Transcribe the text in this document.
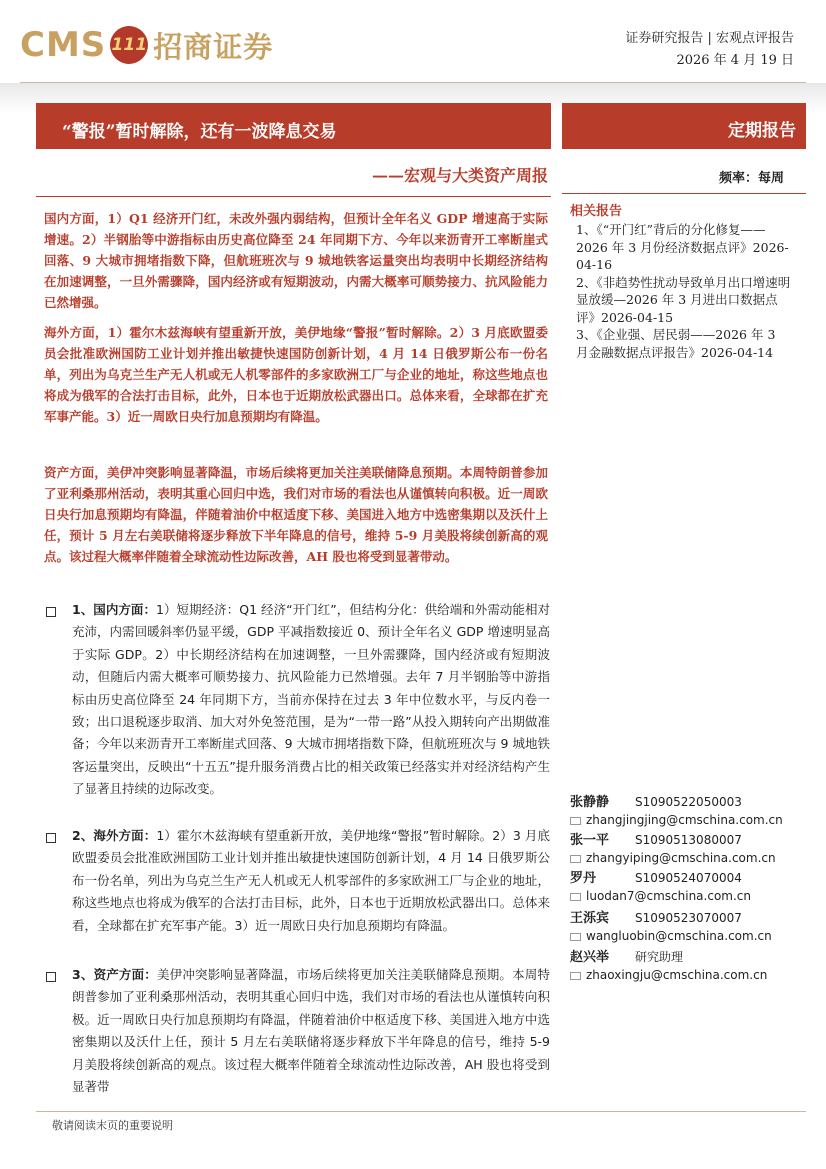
CMS 111 招商证券	证券研究报告 | 宏观点评报告
2026 年 4 月 19 日
“警报”暂时解除，还有一波降息交易
——宏观与大类资产周报
定期报告
频率：每周

国内方面，1）Q1 经济开门红，未改外强内弱结构，但预计全年名义 GDP 增速高于实际增速。2）半钢胎等中游指标由历史高位降至 24 年同期下方、今年以来沥青开工率断崖式回落、9 大城市拥堵指数下降，但航班班次与 9 城地铁客运量突出均表明中长期经济结构在加速调整，一旦外需骤降，国内经济或有短期波动，内需大概率可顺势接力、抗风险能力已然增强。

海外方面，1）霍尔木兹海峡有望重新开放，美伊地缘“警报”暂时解除。2）3 月底欧盟委员会批准欧洲国防工业计划并推出敏捷快速国防创新计划，4 月 14 日俄罗斯公布一份名单，列出为乌克兰生产无人机或无人机零部件的多家欧洲工厂与企业的地址，称这些地点也将成为俄军的合法打击目标，此外，日本也于近期放松武器出口。总体来看，全球都在扩充军事产能。3）近一周欧日央行加息预期均有降温。

资产方面，美伊冲突影响显著降温，市场后续将更加关注美联储降息预期。本周特朗普参加了亚利桑那州活动，表明其重心回归中选，我们对市场的看法也从谨慎转向积极。近一周欧日央行加息预期均有降温，伴随着油价中枢适度下移、美国进入地方中选密集期以及沃什上任，预计 5 月左右美联储将逐步释放下半年降息的信号，维持 5-9 月美股将续创新高的观点。该过程大概率伴随着全球流动性边际改善，AH 股也将受到显著带动。

1、国内方面：1）短期经济：Q1 经济“开门红”，但结构分化：供给端和外需动能相对充沛，内需回暖斜率仍显平缓，GDP 平减指数接近 0、预计全年名义 GDP 增速明显高于实际 GDP。2）中长期经济结构在加速调整，一旦外需骤降，国内经济或有短期波动，但随后内需大概率可顺势接力、抗风险能力已然增强。去年 7 月半钢胎等中游指标由历史高位降至 24 年同期下方，当前亦保持在过去 3 年中位数水平，与反内卷一致；出口退税逐步取消、加大对外免签范围，是为“一带一路”从投入期转向产出期做准备；今年以来沥青开工率断崖式回落、9 大城市拥堵指数下降，但航班班次与 9 城地铁客运量突出，反映出“十五五”提升服务消费占比的相关政策已经落实并对经济结构产生了显著且持续的边际改变。

2、海外方面：1）霍尔木兹海峡有望重新开放，美伊地缘“警报”暂时解除。2）3 月底欧盟委员会批准欧洲国防工业计划并推出敏捷快速国防创新计划，4 月 14 日俄罗斯公布一份名单，列出为乌克兰生产无人机或无人机零部件的多家欧洲工厂与企业的地址，称这些地点也将成为俄军的合法打击目标，此外，日本也于近期放松武器出口。总体来看，全球都在扩充军事产能。3）近一周欧日央行加息预期均有降温。

3、资产方面：美伊冲突影响显著降温，市场后续将更加关注美联储降息预期。本周特朗普参加了亚利桑那州活动，表明其重心回归中选，我们对市场的看法也从谨慎转向积极。近一周欧日央行加息预期均有降温，伴随着油价中枢适度下移、美国进入地方中选密集期以及沃什上任，预计 5 月左右美联储将逐步释放下半年降息的信号，维持 5-9 月美股将续创新高的观点。该过程大概率伴随着全球流动性边际改善，AH 股也将受到显著带

相关报告
1、《“开门红”背后的分化修复——2026 年 3 月份经济数据点评》2026-04-16
2、《非趋势性扰动导致单月出口增速明显放缓—2026 年 3 月进出口数据点评》2026-04-15
3、《企业强、居民弱——2026 年 3 月金融数据点评报告》2026-04-14
张静静 S1090522050003
zhangjingjing@cmschina.com.cn
张一平 S1090513080007
zhangyiping@cmschina.com.cn
罗丹	S1090524070004
luodan7@cmschina.com.cn
王泺宾 S1090523070007
wangluobin@cmschina.com.cn
赵兴举 研究助理
zhaoxingju@cmschina.com.cn
敬请阅读末页的重要说明
